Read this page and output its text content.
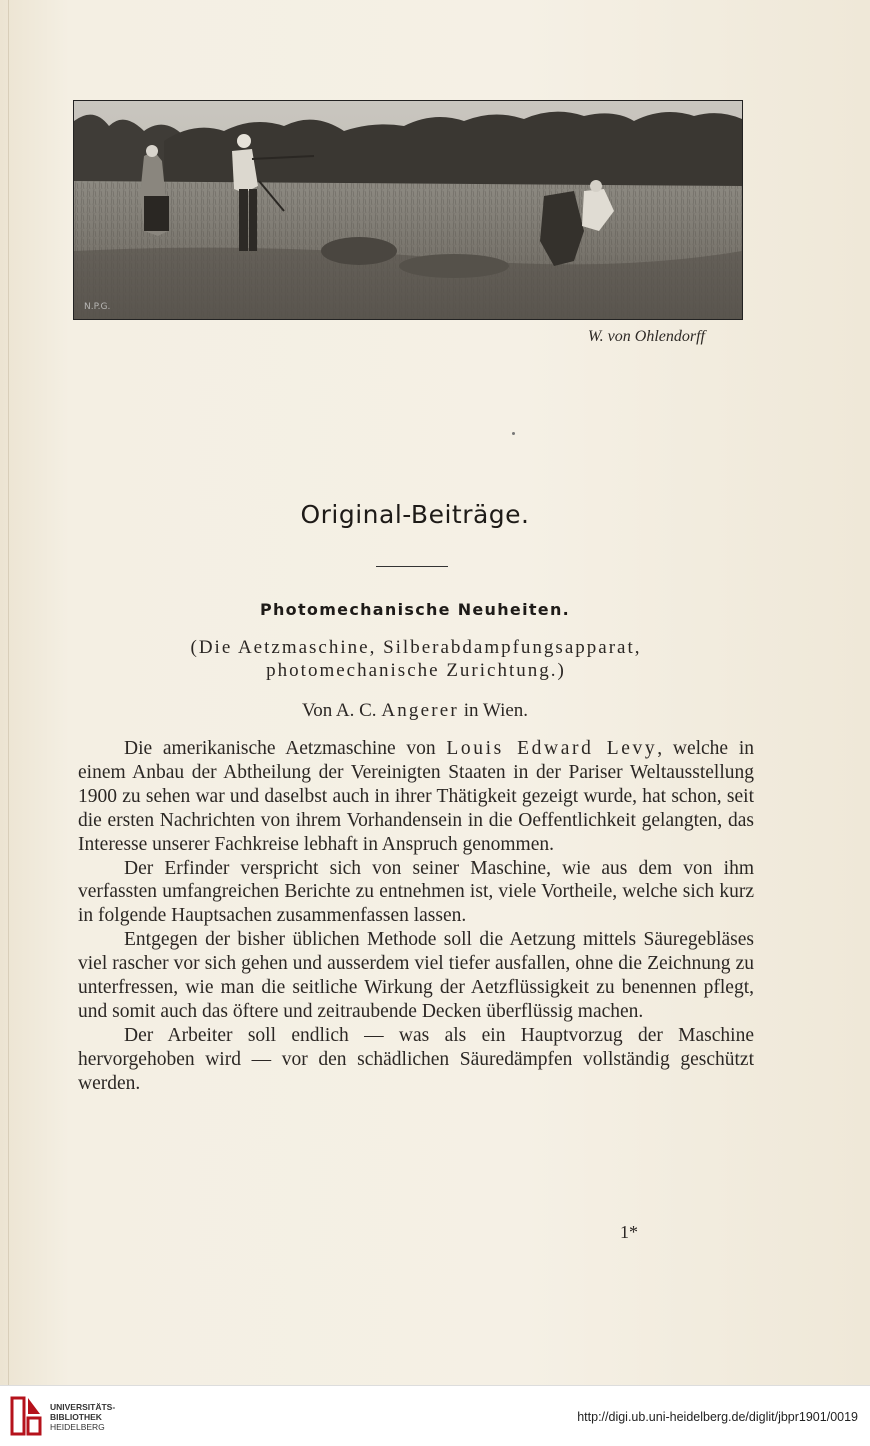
N.P.G.
W. von Ohlendorff
Original-Beiträge.
Photomechanische Neuheiten.
(Die Aetzmaschine, Silberabdampfungsapparat,
photomechanische Zurichtung.)
Von A. C. Angerer in Wien.

Die amerikanische Aetzmaschine von Louis Edward Levy, welche in einem Anbau der Abtheilung der Vereinigten Staaten in der Pariser Weltausstellung 1900 zu sehen war und daselbst auch in ihrer Thätigkeit gezeigt wurde, hat schon, seit die ersten Nachrichten von ihrem Vorhandensein in die Oeffentlichkeit gelangten, das Interesse unserer Fachkreise lebhaft in Anspruch genommen.

Der Erfinder verspricht sich von seiner Maschine, wie aus dem von ihm verfassten umfangreichen Berichte zu entnehmen ist, viele Vortheile, welche sich kurz in folgende Hauptsachen zusammenfassen lassen.

Entgegen der bisher üblichen Methode soll die Aetzung mittels Säuregebläses viel rascher vor sich gehen und ausserdem viel tiefer ausfallen, ohne die Zeichnung zu unterfressen, wie man die seitliche Wirkung der Aetzflüssigkeit zu benennen pflegt, und somit auch das öftere und zeitraubende Decken überflüssig machen.

Der Arbeiter soll endlich — was als ein Hauptvorzug der Maschine hervorgehoben wird — vor den schädlichen Säuredämpfen vollständig geschützt werden.

1*
UNIVERSITÄTS-
BIBLIOTHEK
HEIDELBERG
http://digi.ub.uni-heidelberg.de/diglit/jbpr1901/0019
